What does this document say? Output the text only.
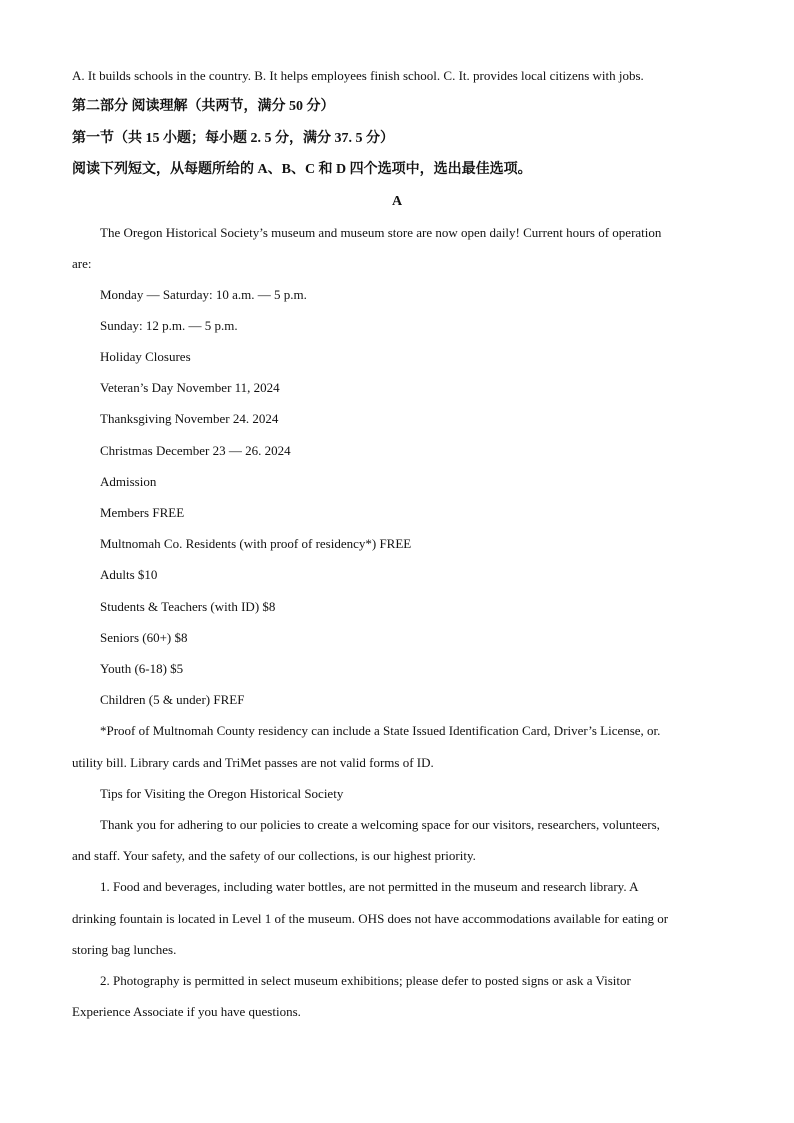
A. It builds schools in the country. B. It helps employees finish school. C. It. provides local citizens with jobs.
第二部分 阅读理解（共两节，满分 50 分）
第一节（共 15 小题；每小题 2. 5 分，满分 37. 5 分）
阅读下列短文，从每题所给的 A、B、C 和 D 四个选项中，选出最佳选项。
A
The Oregon Historical Society’s museum and museum store are now open daily! Current hours of operation
are:
Monday — Saturday: 10 a.m. — 5 p.m.
Sunday: 12 p.m. — 5 p.m.
Holiday Closures
Veteran’s Day November 11, 2024
Thanksgiving November 24. 2024
Christmas December 23 — 26. 2024
Admission
Members FREE
Multnomah Co. Residents (with proof of residency*) FREE
Adults $10
Students & Teachers (with ID) $8
Seniors (60+) $8
Youth (6-18) $5
Children (5 & under) FREF
*Proof of Multnomah County residency can include a State Issued Identification Card, Driver’s License, or.
utility bill. Library cards and TriMet passes are not valid forms of ID.
Tips for Visiting the Oregon Historical Society
Thank you for adhering to our policies to create a welcoming space for our visitors, researchers, volunteers,
and staff. Your safety, and the safety of our collections, is our highest priority.
1. Food and beverages, including water bottles, are not permitted in the museum and research library. A
drinking fountain is located in Level 1 of the museum. OHS does not have accommodations available for eating or
storing bag lunches.
2. Photography is permitted in select museum exhibitions; please defer to posted signs or ask a Visitor
Experience Associate if you have questions.
